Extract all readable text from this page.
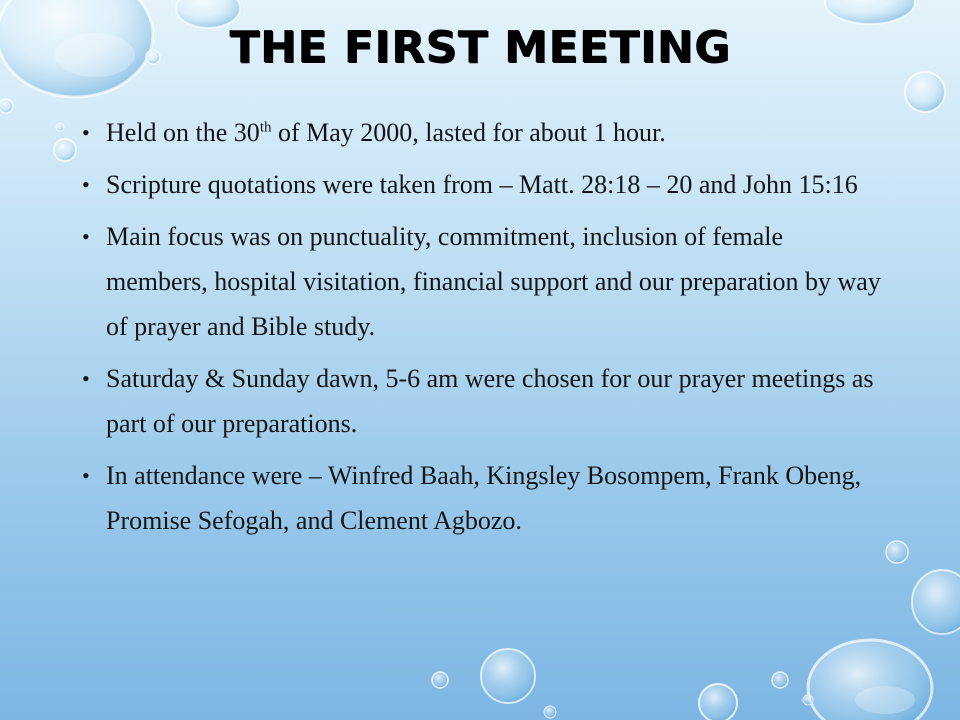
THE FIRST MEETING
• Held on the 30th of May 2000, lasted for about 1 hour.
• Scripture quotations were taken from – Matt. 28:18 – 20 and John 15:16
• Main focus was on punctuality, commitment, inclusion of female members, hospital visitation, financial support and our preparation by way of prayer and Bible study.
• Saturday & Sunday dawn, 5-6 am were chosen for our prayer meetings as part of our preparations.
• In attendance were – Winfred Baah, Kingsley Bosompem, Frank Obeng, Promise Sefogah, and Clement Agbozo.
